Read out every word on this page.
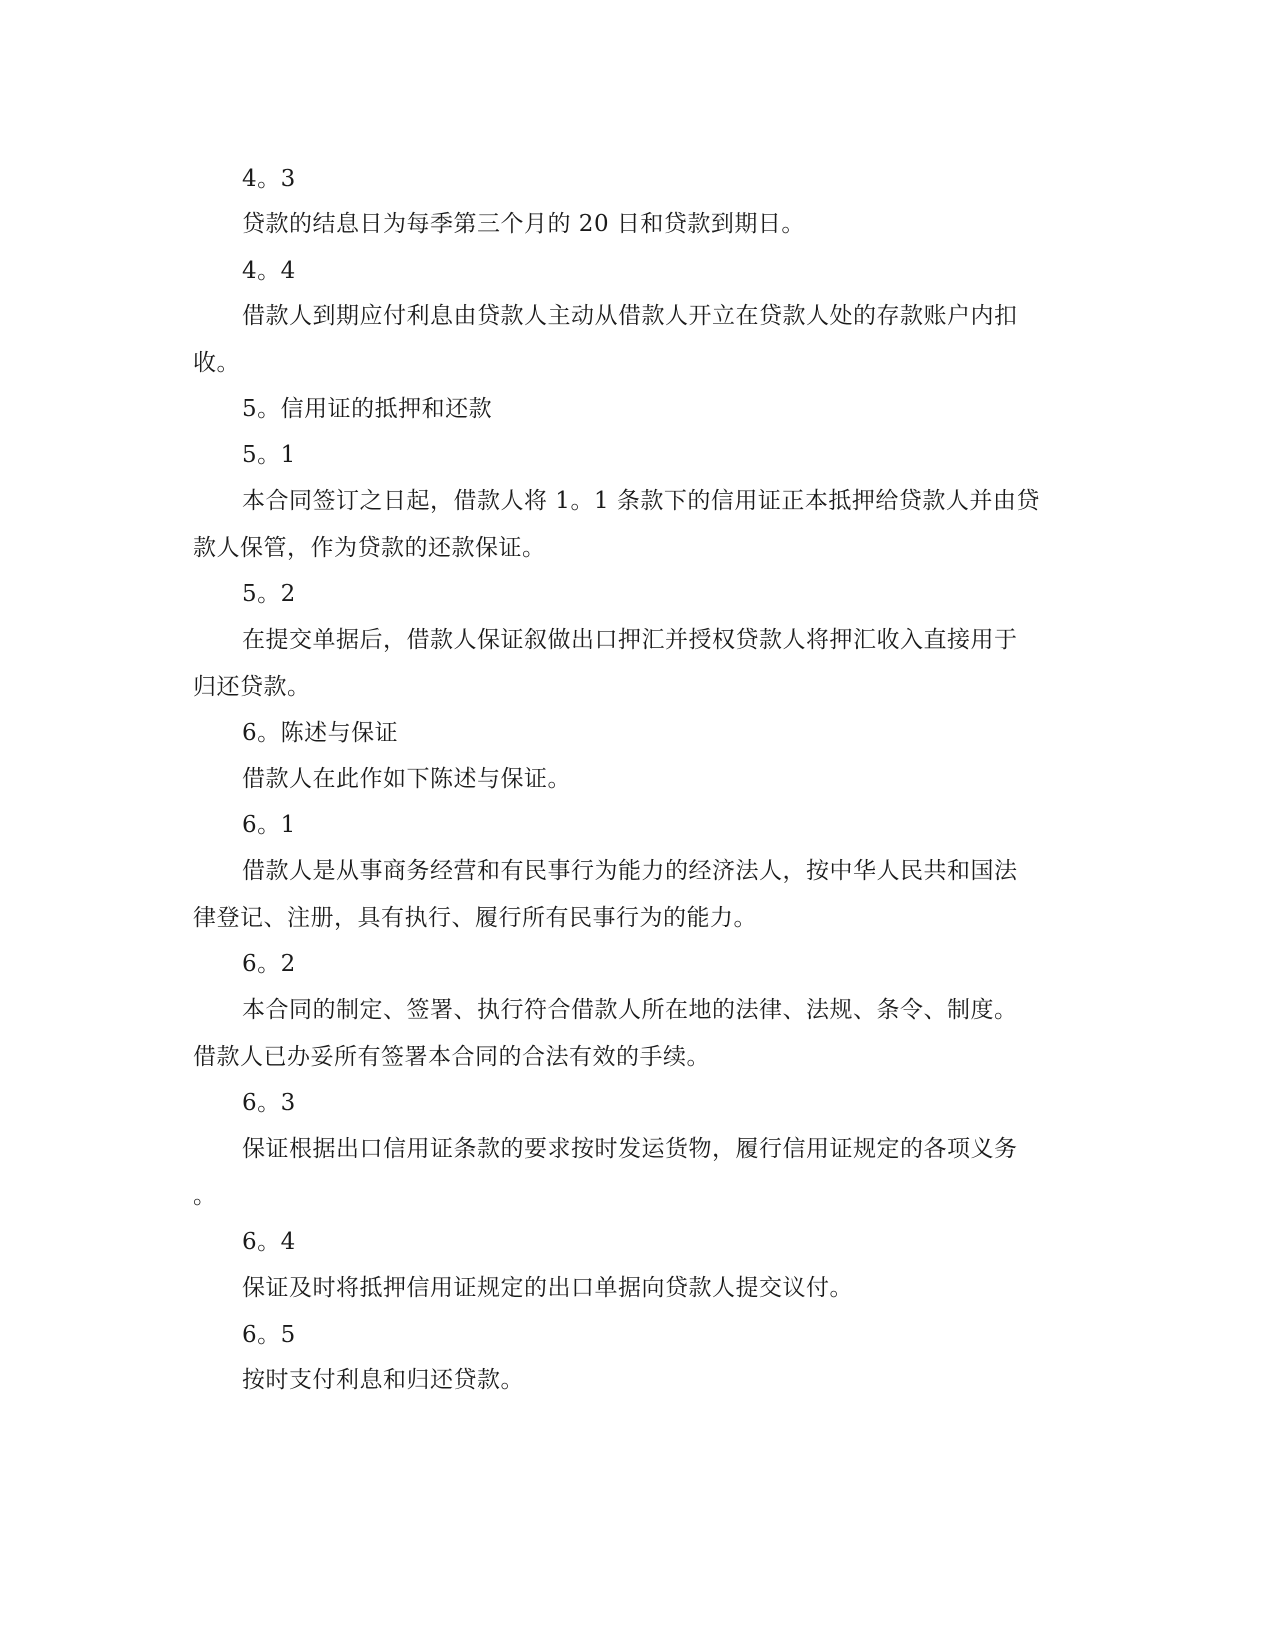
4。3
贷款的结息日为每季第三个月的 20 日和贷款到期日。
4。4
借款人到期应付利息由贷款人主动从借款人开立在贷款人处的存款账户内扣
收。
5。信用证的抵押和还款
5。1
本合同签订之日起，借款人将 1。1 条款下的信用证正本抵押给贷款人并由贷
款人保管，作为贷款的还款保证。
5。2
在提交单据后，借款人保证叙做出口押汇并授权贷款人将押汇收入直接用于
归还贷款。
6。陈述与保证
借款人在此作如下陈述与保证。
6。1
借款人是从事商务经营和有民事行为能力的经济法人，按中华人民共和国法
律登记、注册，具有执行、履行所有民事行为的能力。
6。2
本合同的制定、签署、执行符合借款人所在地的法律、法规、条令、制度。
借款人已办妥所有签署本合同的合法有效的手续。
6。3
保证根据出口信用证条款的要求按时发运货物，履行信用证规定的各项义务
。
6。4
保证及时将抵押信用证规定的出口单据向贷款人提交议付。
6。5
按时支付利息和归还贷款。
